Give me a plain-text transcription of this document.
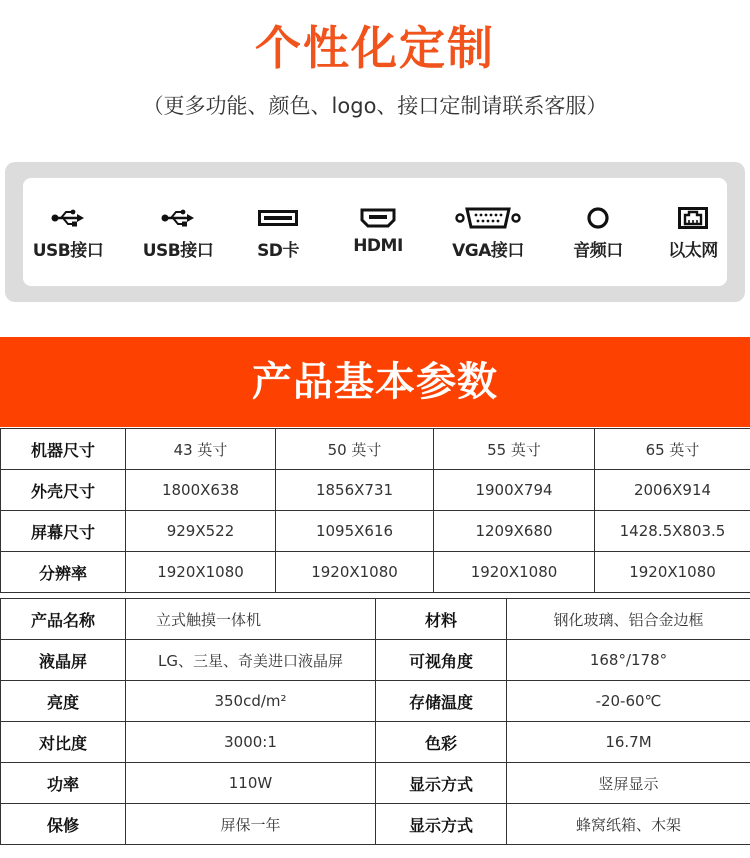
个性化定制
（更多功能、颜色、logo、接口定制请联系客服）
USB接口	USB接口	SD卡	HDMI	VGA接口	音频口	以太网
产品基本参数
机器尺寸	43 英寸	50 英寸	55 英寸	65 英寸
外壳尺寸	1800X638	1856X731	1900X794	2006X914
屏幕尺寸	929X522	1095X616	1209X680	1428.5X803.5
分辨率	1920X1080	1920X1080	1920X1080	1920X1080
产品名称	立式触摸一体机	材料	钢化玻璃、铝合金边框
液晶屏	LG、三星、奇美进口液晶屏	可视角度	168°/178°
亮度	350cd/m²	存储温度	-20-60℃
对比度	3000:1	色彩	16.7M
功率	110W	显示方式	竖屏显示
保修	屏保一年	显示方式	蜂窝纸箱、木架
